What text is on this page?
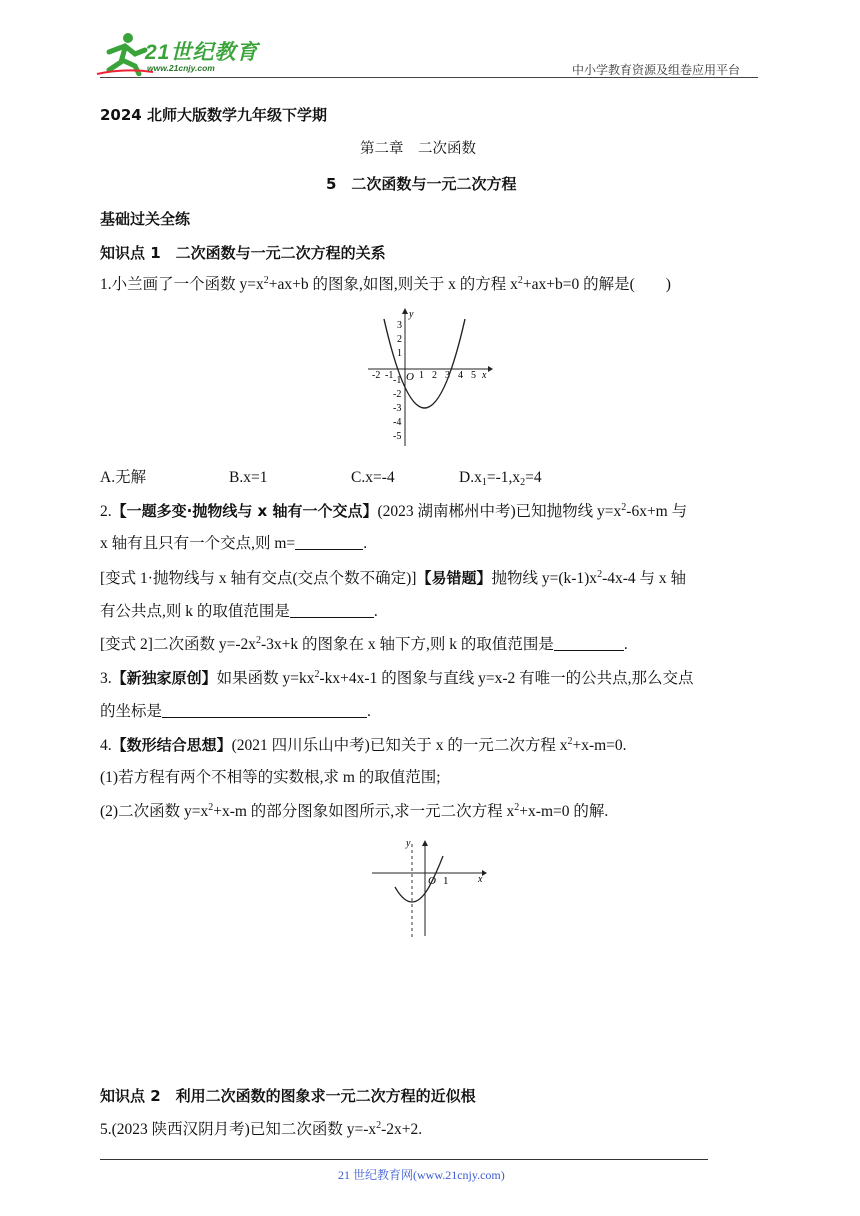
21世纪教育
www.21cnjy.com	中小学教育资源及组卷应用平台
2024 北师大版数学九年级下学期
第二章　二次函数
5　二次函数与一元二次方程
基础过关全练
知识点 1　二次函数与一元二次方程的关系
1.小兰画了一个函数 $y=x^2+ax+b$ 的图象,如图,则关于 x 的方程 $x^2+ax+b=0$ 的解是(　　)
y
x
O
-2 -1	1 2 3 4 5
3
2
1
-1
-2
-3
-4
-5
A.无解	B.x=1	C.x=-4	$D.x_1=-1,x_2=4$
2.【一题多变·抛物线与 x 轴有一个交点】(2023 湖南郴州中考)已知抛物线 $y=x^2-6x+m$ 与
x 轴有且只有一个交点,则 m=	.
[变式 1·抛物线与 x 轴有交点(交点个数不确定)]【易错题】抛物线 $y=(k-1)x^2-4x-4$ 与 x 轴
有公共点,则 k 的取值范围是	.
[变式 2]二次函数 $y=-2x^2-3x+k$ 的图象在 x 轴下方,则 k 的取值范围是	.
3.【新独家原创】如果函数 $y=kx^2-kx+4x-1$ 的图象与直线 y=x-2 有唯一的公共点,那么交点
的坐标是	.
4.【数形结合思想】(2021 四川乐山中考)已知关于 x 的一元二次方程 $x^2+x-m=0$.
(1)若方程有两个不相等的实数根,求 m 的取值范围;
(2)二次函数 $y=x^2+x-m$ 的部分图象如图所示,求一元二次方程 $x^2+x-m=0$ 的解.
y
x
O 1
知识点 2　利用二次函数的图象求一元二次方程的近似根
5.(2023 陕西汉阴月考)已知二次函数 $y=-x^2-2x+2$.
21 世纪教育网(www.21cnjy.com)
